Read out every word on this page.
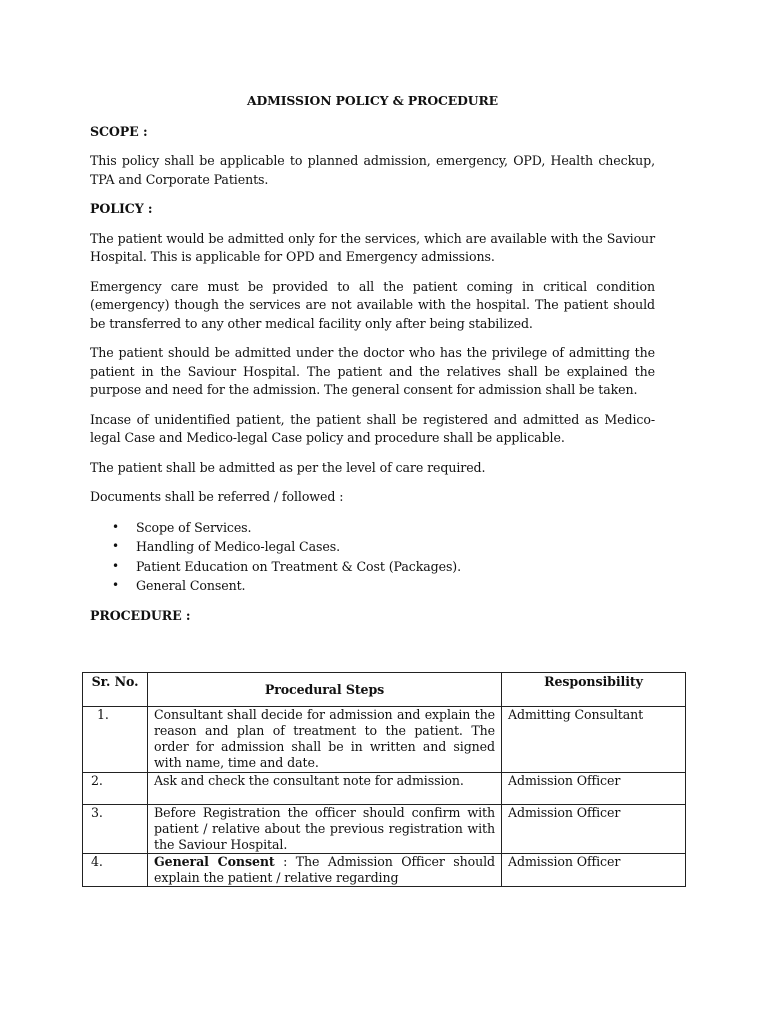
ADMISSION POLICY & PROCEDURE
SCOPE :

This policy shall be applicable to planned admission, emergency, OPD, Health checkup, TPA and Corporate Patients.

POLICY :

The patient would be admitted only for the services, which are available with the Saviour Hospital. This is applicable for OPD and Emergency admissions.

Emergency care must be provided to all the patient coming in critical condition (emergency) though the services are not available with the hospital. The patient should be transferred to any other medical facility only after being stabilized.

The patient should be admitted under the doctor who has the privilege of admitting the patient in the Saviour Hospital. The patient and the relatives shall be explained the purpose and need for the admission. The general consent for admission shall be taken.

Incase of unidentified patient, the patient shall be registered and admitted as Medico-legal Case and Medico-legal Case policy and procedure shall be applicable.

The patient shall be admitted as per the level of care required.

Documents shall be referred / followed :

• Scope of Services.
• Handling of Medico-legal Cases.
• Patient Education on Treatment & Cost (Packages).
• General Consent.
PROCEDURE :
Sr. No.	Procedural Steps	Responsibility
1.	Consultant shall decide for admission and explain the reason and plan of treatment to the patient. The order for admission shall be in written and signed with name, time and date.	Admitting Consultant
2.	Ask and check the consultant note for admission.	Admission Officer
3.	Before Registration the officer should confirm with patient / relative about the previous registration with the Saviour Hospital.	Admission Officer
4.	General Consent : The Admission Officer should explain the patient / relative regarding	Admission Officer
